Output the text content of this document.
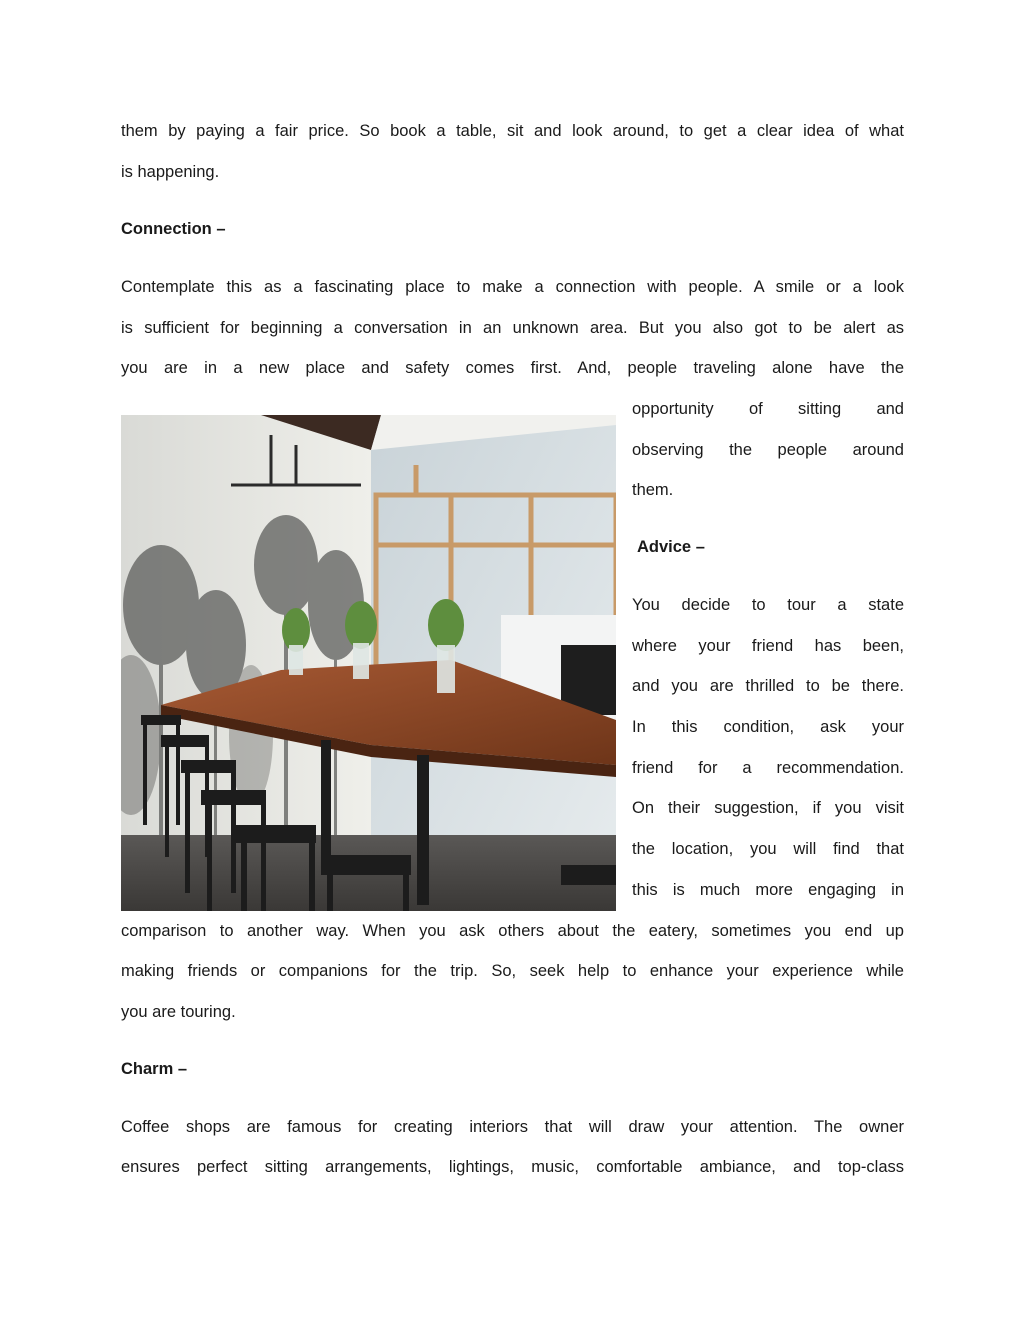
them by paying a fair price. So book a table, sit and look around, to get a clear idea of what
is happening.
Connection –
Contemplate this as a fascinating place to make a connection with people. A smile or a look
is sufficient for beginning a conversation in an unknown area. But you also got to be alert as
you are in a new place and safety comes first. And, people traveling alone have the
opportunity of sitting and
observing the people around
them.
Advice –
You decide to tour a state
where your friend has been,
and you are thrilled to be there.
In this condition, ask your
friend for a recommendation.
On their suggestion, if you visit
the location, you will find that
this is much more engaging in
comparison to another way. When you ask others about the eatery, sometimes you end up
making friends or companions for the trip. So, seek help to enhance your experience while
you are touring.
Charm –
Coffee shops are famous for creating interiors that will draw your attention. The owner
ensures perfect sitting arrangements, lightings, music, comfortable ambiance, and top-class
